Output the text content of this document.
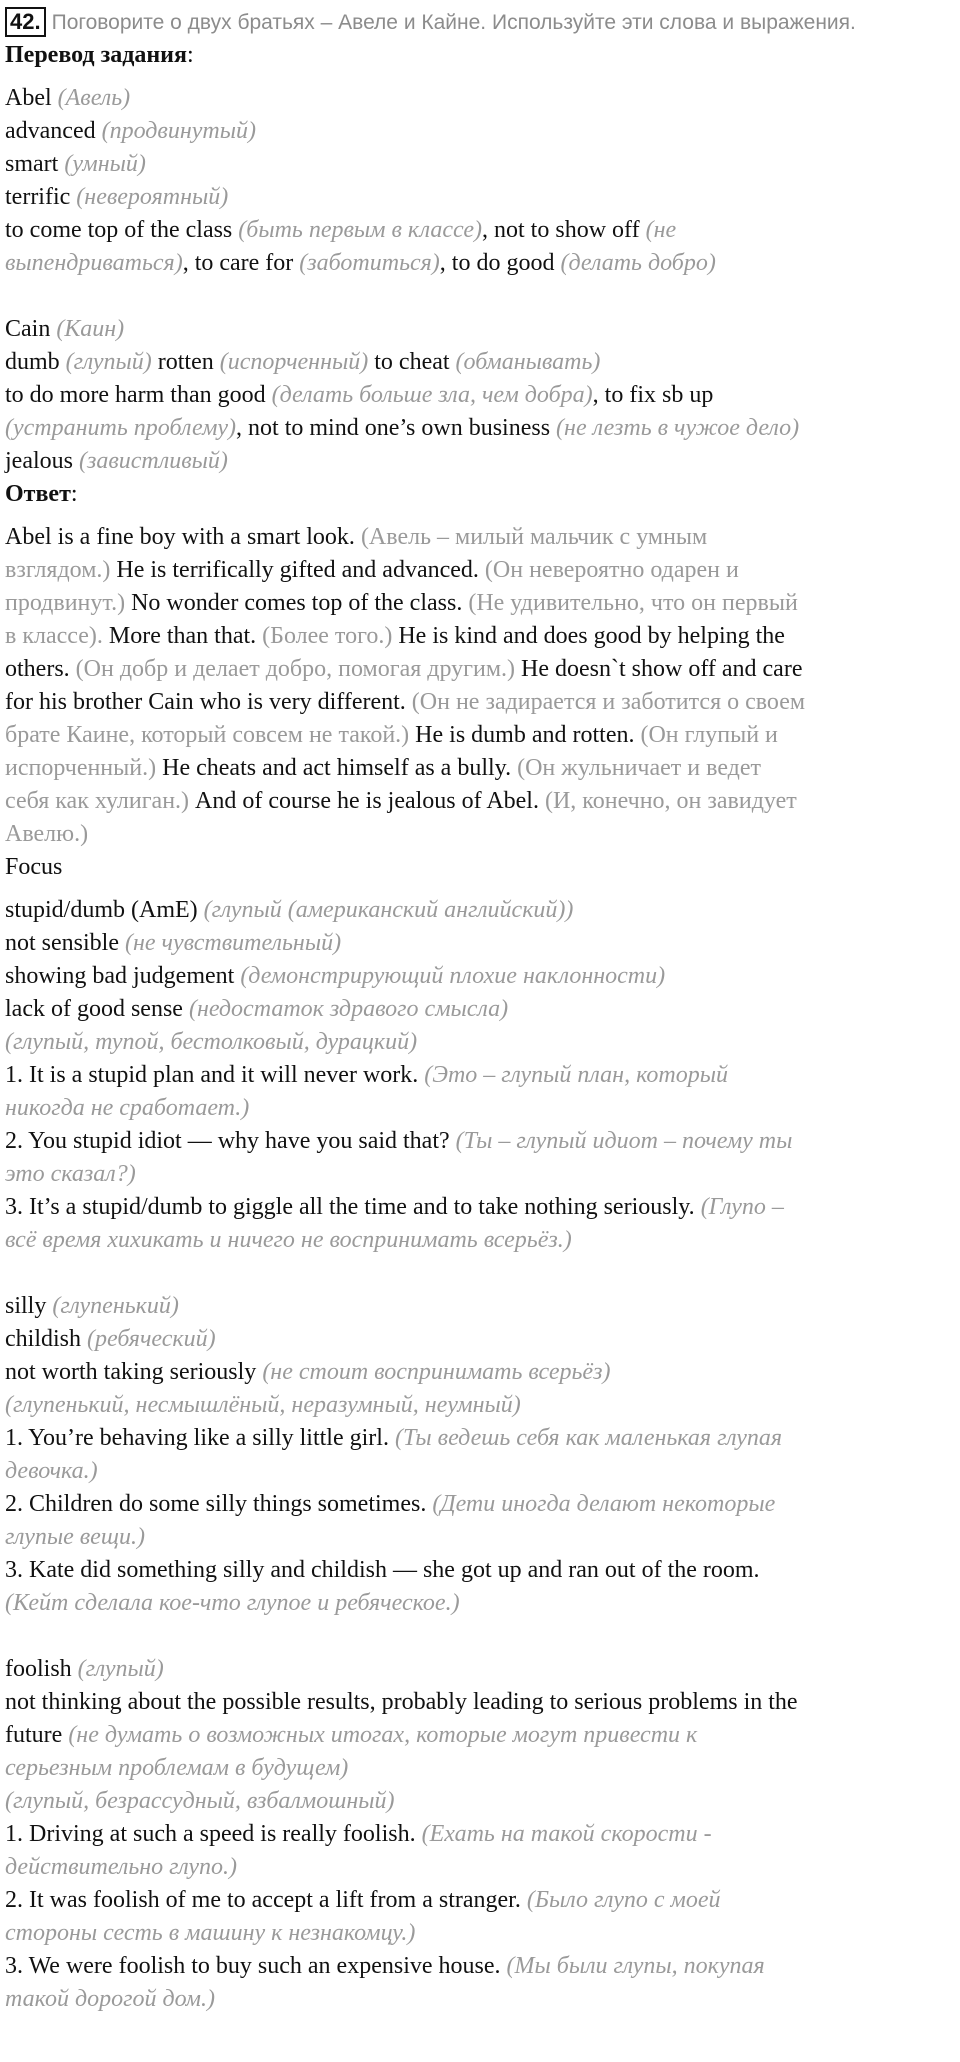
42. Поговорите о двух братьях – Авеле и Кайне. Используйте эти слова и выражения.
Перевод задания:
Abel (Авель)
advanced (продвинутый)
smart (умный)
terrific (невероятный)
to come top of the class (быть первым в классе), not to show off (не
выпендриваться), to care for (заботиться), to do good (делать добро)
Cain (Каин)
dumb (глупый) rotten (испорченный) to cheat (обманывать)
to do more harm than good (делать больше зла, чем добра), to fix sb up
(устранить проблему), not to mind one’s own business (не лезть в чужое дело)
jealous (завистливый)
Ответ:
Abel is a fine boy with a smart look. (Авель – милый мальчик с умным
взглядом.) He is terrifically gifted and advanced. (Он невероятно одарен и
продвинут.) No wonder comes top of the class. (Не удивительно, что он первый
в классе). More than that. (Более того.) He is kind and does good by helping the
others. (Он добр и делает добро, помогая другим.) He doesn`t show off and care
for his brother Cain who is very different. (Он не задирается и заботится о своем
брате Каине, который совсем не такой.) He is dumb and rotten. (Он глупый и
испорченный.) He cheats and act himself as a bully. (Он жульничает и ведет
себя как хулиган.) And of course he is jealous of Abel. (И, конечно, он завидует
Авелю.)
Focus
stupid/dumb (AmE) (глупый (американский английский))
not sensible (не чувствительный)
showing bad judgement (демонстрирующий плохие наклонности)
lack of good sense (недостаток здравого смысла)
(глупый, тупой, бестолковый, дурацкий)
1. It is a stupid plan and it will never work. (Это – глупый план, который
никогда не сработает.)
2. You stupid idiot — why have you said that? (Ты – глупый идиот – почему ты
это сказал?)
3. It’s a stupid/dumb to giggle all the time and to take nothing seriously. (Глупо –
всё время хихикать и ничего не воспринимать всерьёз.)
silly (глупенький)
childish (ребяческий)
not worth taking seriously (не стоит воспринимать всерьёз)
(глупенький, несмышлёный, неразумный, неумный)
1. You’re behaving like a silly little girl. (Ты ведешь себя как маленькая глупая
девочка.)
2. Children do some silly things sometimes. (Дети иногда делают некоторые
глупые вещи.)
3. Kate did something silly and childish — she got up and ran out of the room.
(Кейт сделала кое-что глупое и ребяческое.)
foolish (глупый)
not thinking about the possible results, probably leading to serious problems in the
future (не думать о возможных итогах, которые могут привести к
серьезным проблемам в будущем)
(глупый, безрассудный, взбалмошный)
1. Driving at such a speed is really foolish. (Ехать на такой скорости -
действительно глупо.)
2. It was foolish of me to accept a lift from a stranger. (Было глупо с моей
стороны сесть в машину к незнакомцу.)
3. We were foolish to buy such an expensive house. (Мы были глупы, покупая
такой дорогой дом.)
